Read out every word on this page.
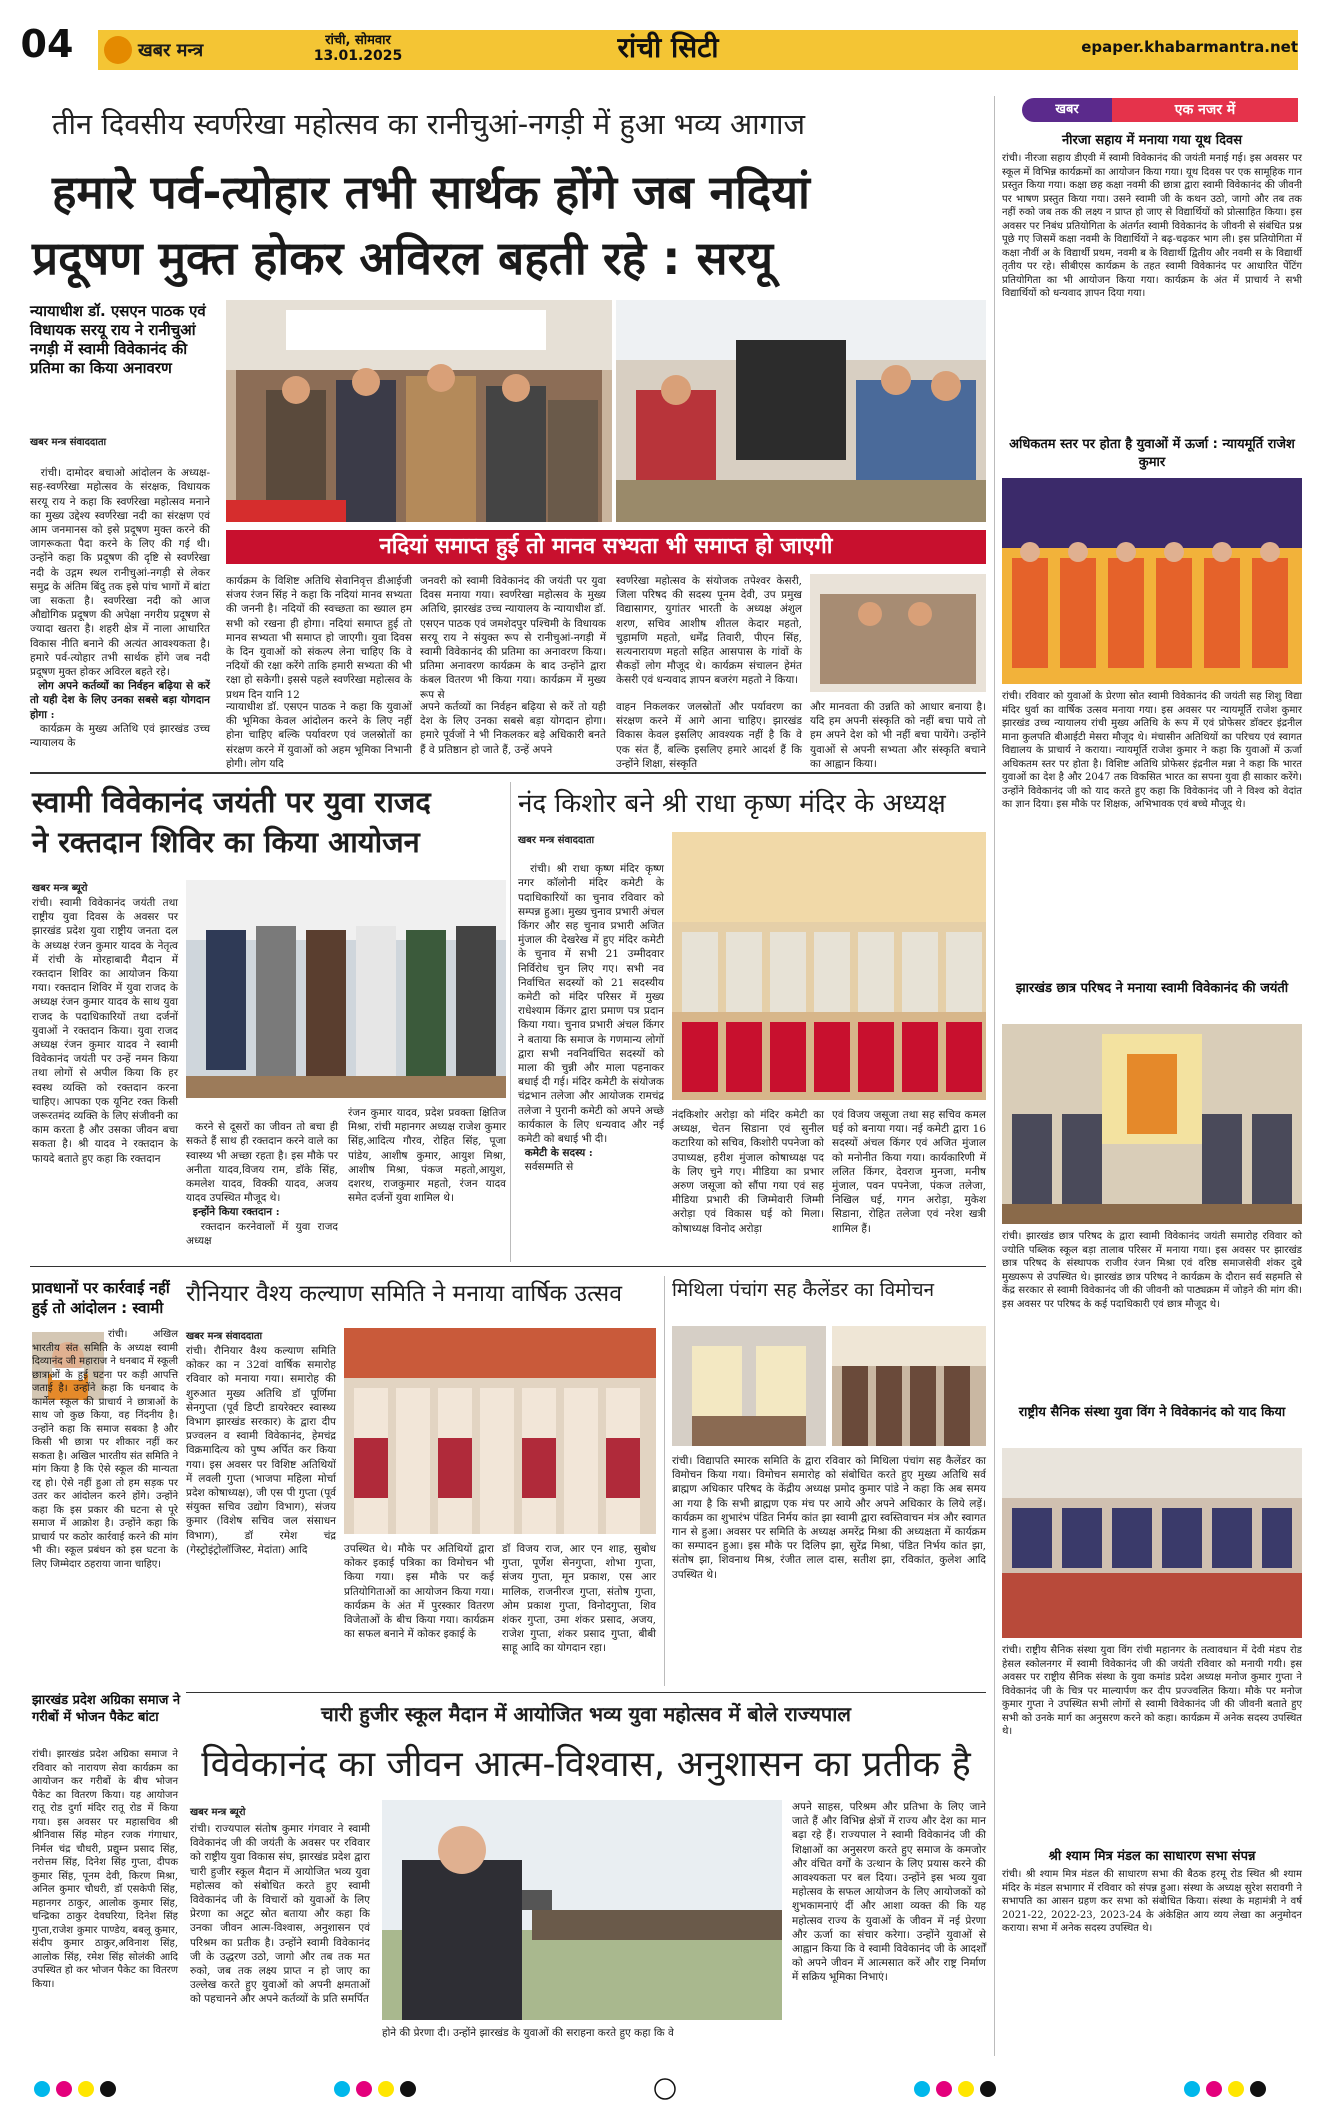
04	खबर मन्त्र	रांची, सोमवार
13.01.2025	रांची सिटी	epaper.khabarmantra.net
तीन दिवसीय स्वर्णरेखा महोत्सव का रानीचुआं-नगड़ी में हुआ भव्य आगाज
हमारे पर्व-त्योहार तभी सार्थक होंगे जब नदियां
प्रदूषण मुक्त होकर अविरल बहती रहे : सरयू
न्यायाधीश डॉ. एसएन पाठक एवं विधायक सरयू राय ने रानीचुआं नगड़ी में स्वामी विवेकानंद की प्रतिमा का किया अनावरण
खबर मन्त्र संवाददाता
नदियां समाप्त हुई तो मानव सभ्यता भी समाप्त हो जाएगी

रांची। दामोदर बचाओ आंदोलन के अध्यक्ष-सह-स्वर्णरेखा महोत्सव के संरक्षक, विधायक सरयू राय ने कहा कि स्वर्णरेखा महोत्सव मनाने का मुख्य उद्देश्य स्वर्णरेखा नदी का संरक्षण एवं आम जनमानस को इसे प्रदूषण मुक्त करने की जागरूकता पैदा करने के लिए की गई थी। उन्होंने कहा कि प्रदूषण की दृष्टि से स्वर्णरेखा नदी के उद्गम स्थल रानीचुआं-नगड़ी से लेकर समुद्र के अंतिम बिंदु तक इसे पांच भागों में बांटा जा सकता है। स्वर्णरेखा नदी को आज औद्योगिक प्रदूषण की अपेक्षा नगरीय प्रदूषण से ज्यादा खतरा है। शहरी क्षेत्र में नाला आधारित विकास नीति बनाने की अत्यंत आवश्यकता है। हमारे पर्व-त्योहार तभी सार्थक होंगे जब नदी प्रदूषण मुक्त होकर अविरल बहते रहे।
लोग अपने कर्तव्यों का निर्वहन बढ़िया से करें तो यही देश के लिए उनका सबसे बड़ा योगदान होगा :
कार्यक्रम के मुख्य अतिथि एवं झारखंड उच्च न्यायालय के

कार्यक्रम के विशिष्ट अतिथि सेवानिवृत्त डीआईजी संजय रंजन सिंह ने कहा कि नदियां मानव सभ्यता की जननी है। नदियों की स्वच्छता का ख्याल हम सभी को रखना ही होगा। नदियां समाप्त हुई तो मानव सभ्यता भी समाप्त हो जाएगी। युवा दिवस के दिन युवाओं को संकल्प लेना चाहिए कि वे नदियों की रक्षा करेंगे ताकि हमारी सभ्यता की भी रक्षा हो सकेगी। इससे पहले स्वर्णरेखा महोत्सव के प्रथम दिन यानि 12
जनवरी को स्वामी विवेकानंद की जयंती पर युवा दिवस मनाया गया। स्वर्णरेखा महोत्सव के मुख्य अतिथि, झारखंड उच्च न्यायालय के न्यायाधीश डॉ. एसएन पाठक एवं जमशेदपुर पश्चिमी के विधायक सरयू राय ने संयुक्त रूप से रानीचुआं-नगड़ी में स्वामी विवेकानंद की प्रतिमा का अनावरण किया। प्रतिमा अनावरण कार्यक्रम के बाद उन्होंने द्वारा कंबल वितरण भी किया गया। कार्यक्रम में मुख्य रूप से
स्वर्णरेखा महोत्सव के संयोजक तपेश्वर केसरी, जिला परिषद की सदस्य पूनम देवी, उप प्रमुख विद्यासागर, युगांतर भारती के अध्यक्ष अंशुल शरण, सचिव आशीष शीतल केदार महतो, चुड़ामणि महतो, धर्मेंद्र तिवारी, पीएन सिंह, सत्यनारायण महतो सहित आसपास के गांवों के सैकड़ों लोग मौजूद थे। कार्यक्रम संचालन हेमंत केसरी एवं धन्यवाद ज्ञापन बजरंग महतो ने किया।
न्यायाधीश डॉ. एसएन पाठक ने कहा कि युवाओं की भूमिका केवल आंदोलन करने के लिए नहीं होना चाहिए बल्कि पर्यावरण एवं जलस्रोतों का संरक्षण करने में युवाओं को अहम भूमिका निभानी होगी। लोग यदि
अपने कर्तव्यों का निर्वहन बढ़िया से करें तो यही देश के लिए उनका सबसे बड़ा योगदान होगा। हमारे पूर्वजों ने भी निकलकर बड़े अधिकारी बनते हैं वे प्रतिष्ठान हो जाते हैं, उन्हें अपने
वाहन निकलकर जलस्रोतों और पर्यावरण का संरक्षण करने में आगे आना चाहिए। झारखंड विकास केवल इसलिए आवश्यक नहीं है कि वे एक संत हैं, बल्कि इसलिए हमारे आदर्श हैं कि उन्होंने शिक्षा, संस्कृति
और मानवता की उन्नति को आधार बनाया है। यदि हम अपनी संस्कृति को नहीं बचा पाये तो हम अपने देश को भी नहीं बचा पायेंगे। उन्होंने युवाओं से अपनी सभ्यता और संस्कृति बचाने का आह्वान किया।
स्वामी विवेकानंद जयंती पर युवा राजद
ने रक्तदान शिविर का किया आयोजन
खबर मन्त्र ब्यूरो
रांची। स्वामी विवेकानंद जयंती तथा राष्ट्रीय युवा दिवस के अवसर पर झारखंड प्रदेश युवा राष्ट्रीय जनता दल के अध्यक्ष रंजन कुमार यादव के नेतृत्व में रांची के मोरहाबादी मैदान में रक्तदान शिविर का आयोजन किया गया। रक्तदान शिविर में युवा राजद के अध्यक्ष रंजन कुमार यादव के साथ युवा राजद के पदाधिकारियों तथा दर्जनों युवाओं ने रक्तदान किया। युवा राजद अध्यक्ष रंजन कुमार यादव ने स्वामी विवेकानंद जयंती पर उन्हें नमन किया तथा लोगों से अपील किया कि हर स्वस्थ व्यक्ति को रक्तदान करना चाहिए। आपका एक यूनिट रक्त किसी जरूरतमंद व्यक्ति के लिए संजीवनी का काम करता है और उसका जीवन बचा सकता है। श्री यादव ने रक्तदान के फायदे बताते हुए कहा कि रक्तदान

करने से दूसरों का जीवन तो बचा ही सकते हैं साथ ही रक्तदान करने वाले का स्वास्थ्य भी अच्छा रहता है। इस मौके पर अनीता यादव,विजय राम, डॉके सिंह, कमलेश यादव, विक्की यादव, अजय यादव उपस्थित मौजूद थे।
इन्होंने किया रक्तदान :
रक्तदान करनेवालों में युवा राजद अध्यक्ष

रंजन कुमार यादव, प्रदेश प्रवक्ता क्षितिज मिश्रा, रांची महानगर अध्यक्ष राजेश कुमार सिंह,आदित्य गौरव, रोहित सिंह, पूजा पांडेय, आशीष कुमार, आयुश मिश्रा, आशीष मिश्रा, पंकज महतो,आयुश, दशरथ, राजकुमार महतो, रंजन यादव समेत दर्जनों युवा शामिल थे।
नंद किशोर बने श्री राधा कृष्ण मंदिर के अध्यक्ष
खबर मन्त्र संवाददाता

रांची। श्री राधा कृष्ण मंदिर कृष्ण नगर कॉलोनी मंदिर कमेटी के पदाधिकारियों का चुनाव रविवार को सम्पन्न हुआ। मुख्य चुनाव प्रभारी अंचल किंगर और सह चुनाव प्रभारी अजित मुंजाल की देखरेख में हुए मंदिर कमेटी के चुनाव में सभी 21 उम्मीदवार निर्विरोध चुन लिए गए। सभी नव निर्वाचित सदस्यों को 21 सदस्यीय कमेटी को मंदिर परिसर में मुख्य राधेश्याम किंगर द्वारा प्रमाण पत्र प्रदान किया गया। चुनाव प्रभारी अंचल किंगर ने बताया कि समाज के गणमान्य लोगों द्वारा सभी नवनिर्वाचित सदस्यों को माला की चुन्नी और माला पहनाकर बधाई दी गई। मंदिर कमेटी के संयोजक चंद्रभान तलेजा और आयोजक रामचंद्र तलेजा ने पुरानी कमेटी को अपने अच्छे कार्यकाल के लिए धन्यवाद और नई कमेटी को बधाई भी दी।
कमेटी के सदस्य :
सर्वसम्मति से

नंदकिशोर अरोड़ा को मंदिर कमेटी का अध्यक्ष, चेतन सिडाना एवं सुनील कटारिया को सचिव, किशोरी पपनेजा को उपाध्यक्ष, हरीश मुंजाल कोषाध्यक्ष पद के लिए चुने गए। मीडिया का प्रभार अरुण जसूजा को सौंपा गया एवं सह मीडिया प्रभारी की जिम्मेवारी जिम्मी अरोड़ा एवं विकास घई को मिला। कोषाध्यक्ष विनोद अरोड़ा
एवं विजय जसूजा तथा सह सचिव कमल घई को बनाया गया। नई कमेटी द्वारा 16 सदस्यों अंचल किंगर एवं अजित मुंजाल को मनोनीत किया गया। कार्यकारिणी में ललित किंगर, देवराज मुनजा, मनीष मुंजाल, पवन पपनेजा, पंकज तलेजा, निखिल घई, गगन अरोड़ा, मुकेश सिडाना, रोहित तलेजा एवं नरेश खत्री शामिल हैं।
प्रावधानों पर कार्रवाई नहीं हुई तो आंदोलन : स्वामी
रांची। अखिल भारतीय संत समिति के अध्यक्ष स्वामी दिव्यानंद जी महाराज ने धनबाद में स्कूली छात्राओं के हुई घटना पर कड़ी आपत्ति जताई है। उन्होंने कहा कि धनबाद के कार्मेल स्कूल की प्राचार्य ने छात्राओं के साथ जो कुछ किया, वह निंदनीय है। उन्होंने कहा कि समाज सबका है और किसी भी छात्रा पर शीकार नहीं कर सकता है। अखिल भारतीय संत समिति ने मांग किया है कि ऐसे स्कूल की मान्यता रद्द हो। ऐसे नहीं हुआ तो हम सड़क पर उतर कर आंदोलन करने होंगे। उन्होंने कहा कि इस प्रकार की घटना से पूरे समाज में आक्रोश है। उन्होंने कहा कि प्राचार्य पर कठोर कार्रवाई करने की मांग भी की। स्कूल प्रबंधन को इस घटना के लिए जिम्मेदार ठहराया जाना चाहिए।
रौनियार वैश्य कल्याण समिति ने मनाया वार्षिक उत्सव
खबर मन्त्र संवाददाता
रांची। रौनियार वैश्य कल्याण समिति कोकर का न 32वां वार्षिक समारोह रविवार को मनाया गया। समारोह की शुरुआत मुख्य अतिथि डॉ पूर्णिमा सेनगुप्ता (पूर्व डिप्टी डायरेक्टर स्वास्थ्य विभाग झारखंड सरकार) के द्वारा दीप प्रज्वलन व स्वामी विवेकानंद, हेमचंद्र विक्रमादित्य को पुष्प अर्पित कर किया गया। इस अवसर पर विशिष्ट अतिथियों में लवली गुप्ता (भाजपा महिला मोर्चा प्रदेश कोषाध्यक्ष), जी एस पी गुप्ता (पूर्व संयुक्त सचिव उद्योग विभाग), संजय कुमार (विशेष सचिव जल संसाधन विभाग), डॉ रमेश चंद्र (गेस्ट्रोइंट्रोलॉजिस्ट, मेदांता) आदि	उपस्थित थे। मौके पर अतिथियों द्वारा कोकर इकाई पत्रिका का विमोचन भी किया गया। इस मौके पर कई प्रतियोगिताओं का आयोजन किया गया। कार्यक्रम के अंत में पुरस्कार वितरण विजेताओं के बीच किया गया। कार्यक्रम का सफल बनाने में कोकर इकाई के
डॉ विजय राज, आर एन शाह, सुबोध गुप्ता, पूर्णेश सेनगुप्ता, शोभा गुप्ता, संजय गुप्ता, मून प्रकाश, एस आर मालिक, राजनीरज गुप्ता, संतोष गुप्ता, ओम प्रकाश गुप्ता, विनोदगुप्ता, शिव शंकर गुप्ता, उमा शंकर प्रसाद, अजय, राजेश गुप्ता, शंकर प्रसाद गुप्ता, बीबी साहू आदि का योगदान रहा।
मिथिला पंचांग सह कैलेंडर का विमोचन
रांची। विद्यापति स्मारक समिति के द्वारा रविवार को मिथिला पंचांग सह कैलेंडर का विमोचन किया गया। विमोचन समारोह को संबोधित करते हुए मुख्य अतिथि सर्व ब्राह्मण अधिकार परिषद के केंद्रीय अध्यक्ष प्रमोद कुमार पांडे ने कहा कि अब समय आ गया है कि सभी ब्राह्मण एक मंच पर आये और अपने अधिकार के लिये लड़ें। कार्यक्रम का शुभारंभ पंडित निर्मय कांत झा स्वामी द्वारा स्वस्तिवाचन मंत्र और स्वागत गान से हुआ। अवसर पर समिति के अध्यक्ष अमरेंद्र मिश्रा की अध्यक्षता में कार्यक्रम का सम्पादन हुआ। इस मौके पर दिलिप झा, सुरेंद्र मिश्रा, पंडित निर्भय कांत झा, संतोष झा, शिवनाथ मिश्र, रंजीत लाल दास, सतीश झा, रविकांत, कुलेश आदि उपस्थित थे।
झारखंड प्रदेश अग्रिका समाज ने गरीबों में भोजन पैकेट बांटा
रांची। झारखंड प्रदेश अग्रिका समाज ने रविवार को नारायण सेवा कार्यक्रम का आयोजन कर गरीबों के बीच भोजन पैकेट का वितरण किया। यह आयोजन रातू रोड दुर्गा मंदिर रातू रोड में किया गया। इस अवसर पर महासचिव श्री श्रीनिवास सिंह मोहन रजक गंगाधार, निर्मल चंद्र चौधरी, प्रद्युम्न प्रसाद सिंह, नरोत्तम सिंह, दिनेश सिंह गुप्ता, दीपक कुमार सिंह, पूनम देवी, किरण मिश्रा, अनिल कुमार चौधरी, डॉ एसकेपी सिंह, महानगर ठाकुर, आलोक कुमार सिंह, चन्द्रिका ठाकुर देवघरिया, दिनेश सिंह गुप्ता,राजेश कुमार पाण्डेय, बबलू कुमार, संदीप कुमार ठाकुर,अविनाश सिंह, आलोक सिंह, रमेश सिंह सोलंकी आदि उपस्थित हो कर भोजन पैकेट का वितरण किया।
चारी हुजीर स्कूल मैदान में आयोजित भव्य युवा महोत्सव में बोले राज्यपाल
विवेकानंद का जीवन आत्म-विश्वास, अनुशासन का प्रतीक है
खबर मन्त्र ब्यूरो
रांची। राज्यपाल संतोष कुमार गंगवार ने स्वामी विवेकानंद जी की जयंती के अवसर पर रविवार को राष्ट्रीय युवा विकास संघ, झारखंड प्रदेश द्वारा चारी हुजीर स्कूल मैदान में आयोजित भव्य युवा महोत्सव को संबोधित करते हुए स्वामी विवेकानंद जी के विचारों को युवाओं के लिए प्रेरणा का अटूट स्रोत बताया और कहा कि उनका जीवन आत्म-विश्वास, अनुशासन एवं परिश्रम का प्रतीक है। उन्होंने स्वामी विवेकानंद जी के उद्धरण उठो, जागो और तब तक मत रुको, जब तक लक्ष्य प्राप्त न हो जाए का उल्लेख करते हुए युवाओं को अपनी क्षमताओं को पहचानने और अपने कर्तव्यों के प्रति समर्पित
होने की प्रेरणा दी। उन्होंने झारखंड के युवाओं की सराहना करते हुए कहा कि वे
अपने साहस, परिश्रम और प्रतिभा के लिए जाने जाते हैं और विभिन्न क्षेत्रों में राज्य और देश का मान बढ़ा रहे हैं। राज्यपाल ने स्वामी विवेकानंद जी की शिक्षाओं का अनुसरण करते हुए समाज के कमजोर और वंचित वर्गों के उत्थान के लिए प्रयास करने की आवश्यकता पर बल दिया। उन्होंने इस भव्य युवा महोत्सव के सफल आयोजन के लिए आयोजकों को शुभकामनाएं दीं और आशा व्यक्त की कि यह महोत्सव राज्य के युवाओं के जीवन में नई प्रेरणा और ऊर्जा का संचार करेगा। उन्होंने युवाओं से आह्वान किया कि वे स्वामी विवेकानंद जी के आदर्शों को अपने जीवन में आत्मसात करें और राष्ट्र निर्माण में सक्रिय भूमिका निभाएं।
खबर	एक नजर में
नीरजा सहाय में मनाया गया यूथ दिवस
रांची। नीरजा सहाय डीएवी में स्वामी विवेकानंद की जयंती मनाई गई। इस अवसर पर स्कूल में विभिन्न कार्यक्रमों का आयोजन किया गया। यूथ दिवस पर एक सामूहिक गान प्रस्तुत किया गया। कक्षा छह कक्षा नवमी की छात्रा द्वारा स्वामी विवेकानंद की जीवनी पर भाषण प्रस्तुत किया गया। उसने स्वामी जी के कथन उठो, जागो और तब तक नहीं रुको जब तक की लक्ष्य न प्राप्त हो जाए से विद्यार्थियों को प्रोत्साहित किया। इस अवसर पर निबंध प्रतियोगिता के अंतर्गत स्वामी विवेकानंद के जीवनी से संबंधित प्रश्न पूछे गए जिसमें कक्षा नवमी के विद्यार्थियों ने बढ़-चढ़कर भाग ली। इस प्रतियोगिता में कक्षा नौवीं अ के विद्यार्थी प्रथम, नवमी ब के विद्यार्थी द्वितीय और नवमी स के विद्यार्थी तृतीय पर रहे। सीबीएस कार्यक्रम के तहत स्वामी विवेकानंद पर आधारित पेंटिंग प्रतियोगिता का भी आयोजन किया गया। कार्यक्रम के अंत में प्राचार्य ने सभी विद्यार्थियों को धन्यवाद ज्ञापन दिया गया।
अधिकतम स्तर पर होता है युवाओं में ऊर्जा : न्यायमूर्ति राजेश कुमार
रांची। रविवार को युवाओं के प्रेरणा स्रोत स्वामी विवेकानंद की जयंती सह शिशु विद्या मंदिर धुर्वा का वार्षिक उत्सव मनाया गया। इस अवसर पर न्यायमूर्ति राजेश कुमार झारखंड उच्च न्यायालय रांची मुख्य अतिथि के रूप में एवं प्रोफेसर डॉक्टर इंद्रनील माना कुलपति बीआईटी मेसरा मौजूद थे। मंचासीन अतिथियों का परिचय एवं स्वागत विद्यालय के प्राचार्य ने कराया। न्यायमूर्ति राजेश कुमार ने कहा कि युवाओं में ऊर्जा अधिकतम स्तर पर होता है। विशिष्ट अतिथि प्रोफेसर इंद्रनील मन्ना ने कहा कि भारत युवाओं का देश है और 2047 तक विकसित भारत का सपना युवा ही साकार करेंगे। उन्होंने विवेकानंद जी को याद करते हुए कहा कि विवेकानंद जी ने विश्व को वेदांत का ज्ञान दिया। इस मौके पर शिक्षक, अभिभावक एवं बच्चे मौजूद थे।
झारखंड छात्र परिषद ने मनाया स्वामी विवेकानंद की जयंती
रांची। झारखंड छात्र परिषद के द्वारा स्वामी विवेकानंद जयंती समारोह रविवार को ज्योति पब्लिक स्कूल बड़ा तालाब परिसर में मनाया गया। इस अवसर पर झारखंड छात्र परिषद के संस्थापक राजीव रंजन मिश्रा एवं वरिष्ठ समाजसेवी शंकर दुबे मुख्यरूप से उपस्थित थे। झारखंड छात्र परिषद ने कार्यक्रम के दौरान सर्व सहमति से केंद्र सरकार से स्वामी विवेकानंद जी की जीवनी को पाठ्यक्रम में जोड़ने की मांग की। इस अवसर पर परिषद के कई पदाधिकारी एवं छात्र मौजूद थे।
राष्ट्रीय सैनिक संस्था युवा विंग ने विवेकानंद को याद किया
रांची। राष्ट्रीय सैनिक संस्था युवा विंग रांची महानगर के तत्वावधान में देवी मंडप रोड हेसल स्कोलनगर में स्वामी विवेकानंद जी की जयंती रविवार को मनायी गयी। इस अवसर पर राष्ट्रीय सैनिक संस्था के युवा कमांड प्रदेश अध्यक्ष मनोज कुमार गुप्ता ने विवेकानंद जी के चित्र पर माल्यार्पण कर दीप प्रज्ज्वलित किया। मौके पर मनोज कुमार गुप्ता ने उपस्थित सभी लोगों से स्वामी विवेकानंद जी की जीवनी बताते हुए सभी को उनके मार्ग का अनुसरण करने को कहा। कार्यक्रम में अनेक सदस्य उपस्थित थे।
श्री श्याम मित्र मंडल का साधारण सभा संपन्न
रांची। श्री श्याम मित्र मंडल की साधारण सभा की बैठक हरमू रोड स्थित श्री श्याम मंदिर के मंडल सभागार में रविवार को संपन्न हुआ। संस्था के अध्यक्ष सुरेश सरावगी ने सभापति का आसन ग्रहण कर सभा को संबोधित किया। संस्था के महामंत्री ने वर्ष 2021-22, 2022-23, 2023-24 के अंकेक्षित आय व्यय लेखा का अनुमोदन कराया। सभा में अनेक सदस्य उपस्थित थे।
